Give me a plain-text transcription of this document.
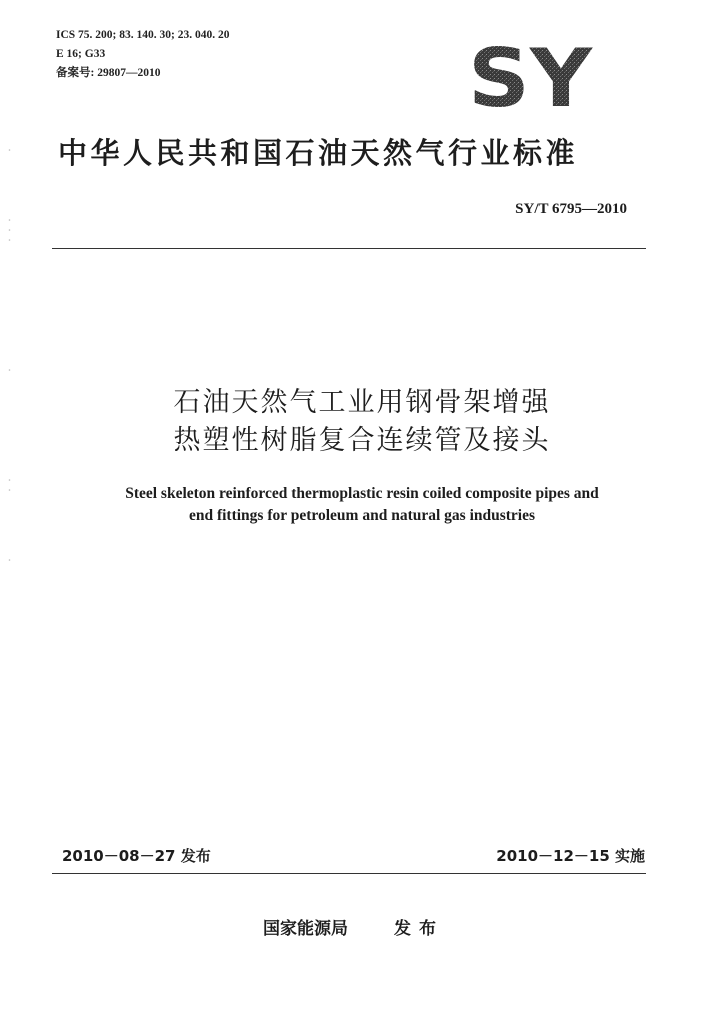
ICS 75. 200; 83. 140. 30; 23. 040. 20
E 16; G33
备案号: 29807—2010	SY
中华人民共和国石油天然气行业标准
SY/T 6795—2010
石油天然气工业用钢骨架增强
热塑性树脂复合连续管及接头
Steel skeleton reinforced thermoplastic resin coiled composite pipes and
end fittings for petroleum and natural gas industries
2010－08－27 发布	2010－12－15 实施
国家能源局	发布
